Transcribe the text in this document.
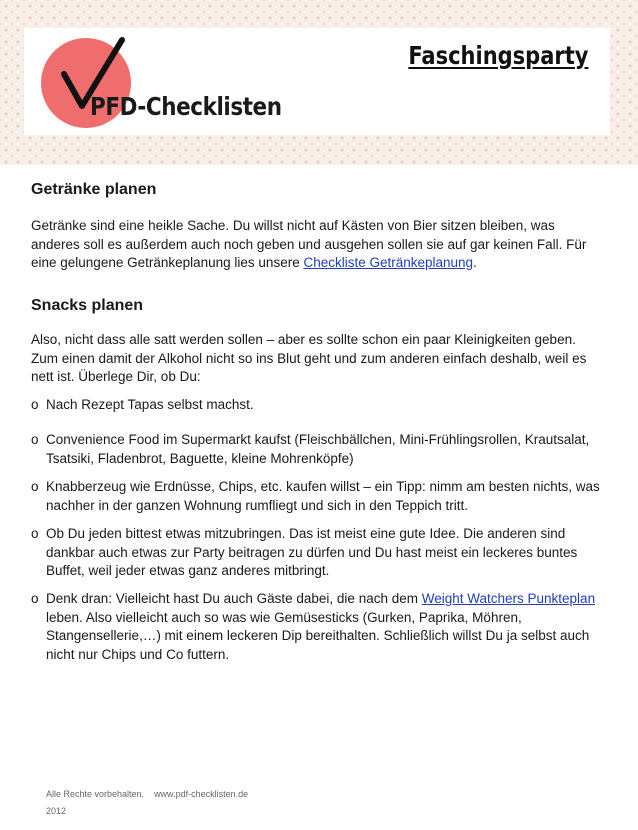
PFD-Checklisten
Faschingsparty
Getränke planen

Getränke sind eine heikle Sache. Du willst nicht auf Kästen von Bier sitzen bleiben, was anderes soll es außerdem auch noch geben und ausgehen sollen sie auf gar keinen Fall. Für eine gelungene Getränkeplanung lies unsere Checkliste Getränkeplanung.

Snacks planen

Also, nicht dass alle satt werden sollen – aber es sollte schon ein paar Kleinigkeiten geben. Zum einen damit der Alkohol nicht so ins Blut geht und zum anderen einfach deshalb, weil es nett ist. Überlege Dir, ob Du:

o Nach Rezept Tapas selbst machst.
o Convenience Food im Supermarkt kaufst (Fleischbällchen, Mini-Frühlingsrollen, Krautsalat, Tsatsiki, Fladenbrot, Baguette, kleine Mohrenköpfe)
o Knabberzeug wie Erdnüsse, Chips, etc. kaufen willst – ein Tipp: nimm am besten nichts, was nachher in der ganzen Wohnung rumfliegt und sich in den Teppich tritt.
o Ob Du jeden bittest etwas mitzubringen. Das ist meist eine gute Idee. Die anderen sind dankbar auch etwas zur Party beitragen zu dürfen und Du hast meist ein leckeres buntes Buffet, weil jeder etwas ganz anderes mitbringt.
o Denk dran: Vielleicht hast Du auch Gäste dabei, die nach dem Weight Watchers Punkteplan leben. Also vielleicht auch so was wie Gemüsesticks (Gurken, Paprika, Möhren, Stangensellerie,…) mit einem leckeren Dip bereithalten. Schließlich willst Du ja selbst auch nicht nur Chips und Co futtern.
Alle Rechte vorbehalten. www.pdf-checklisten.de
2012
